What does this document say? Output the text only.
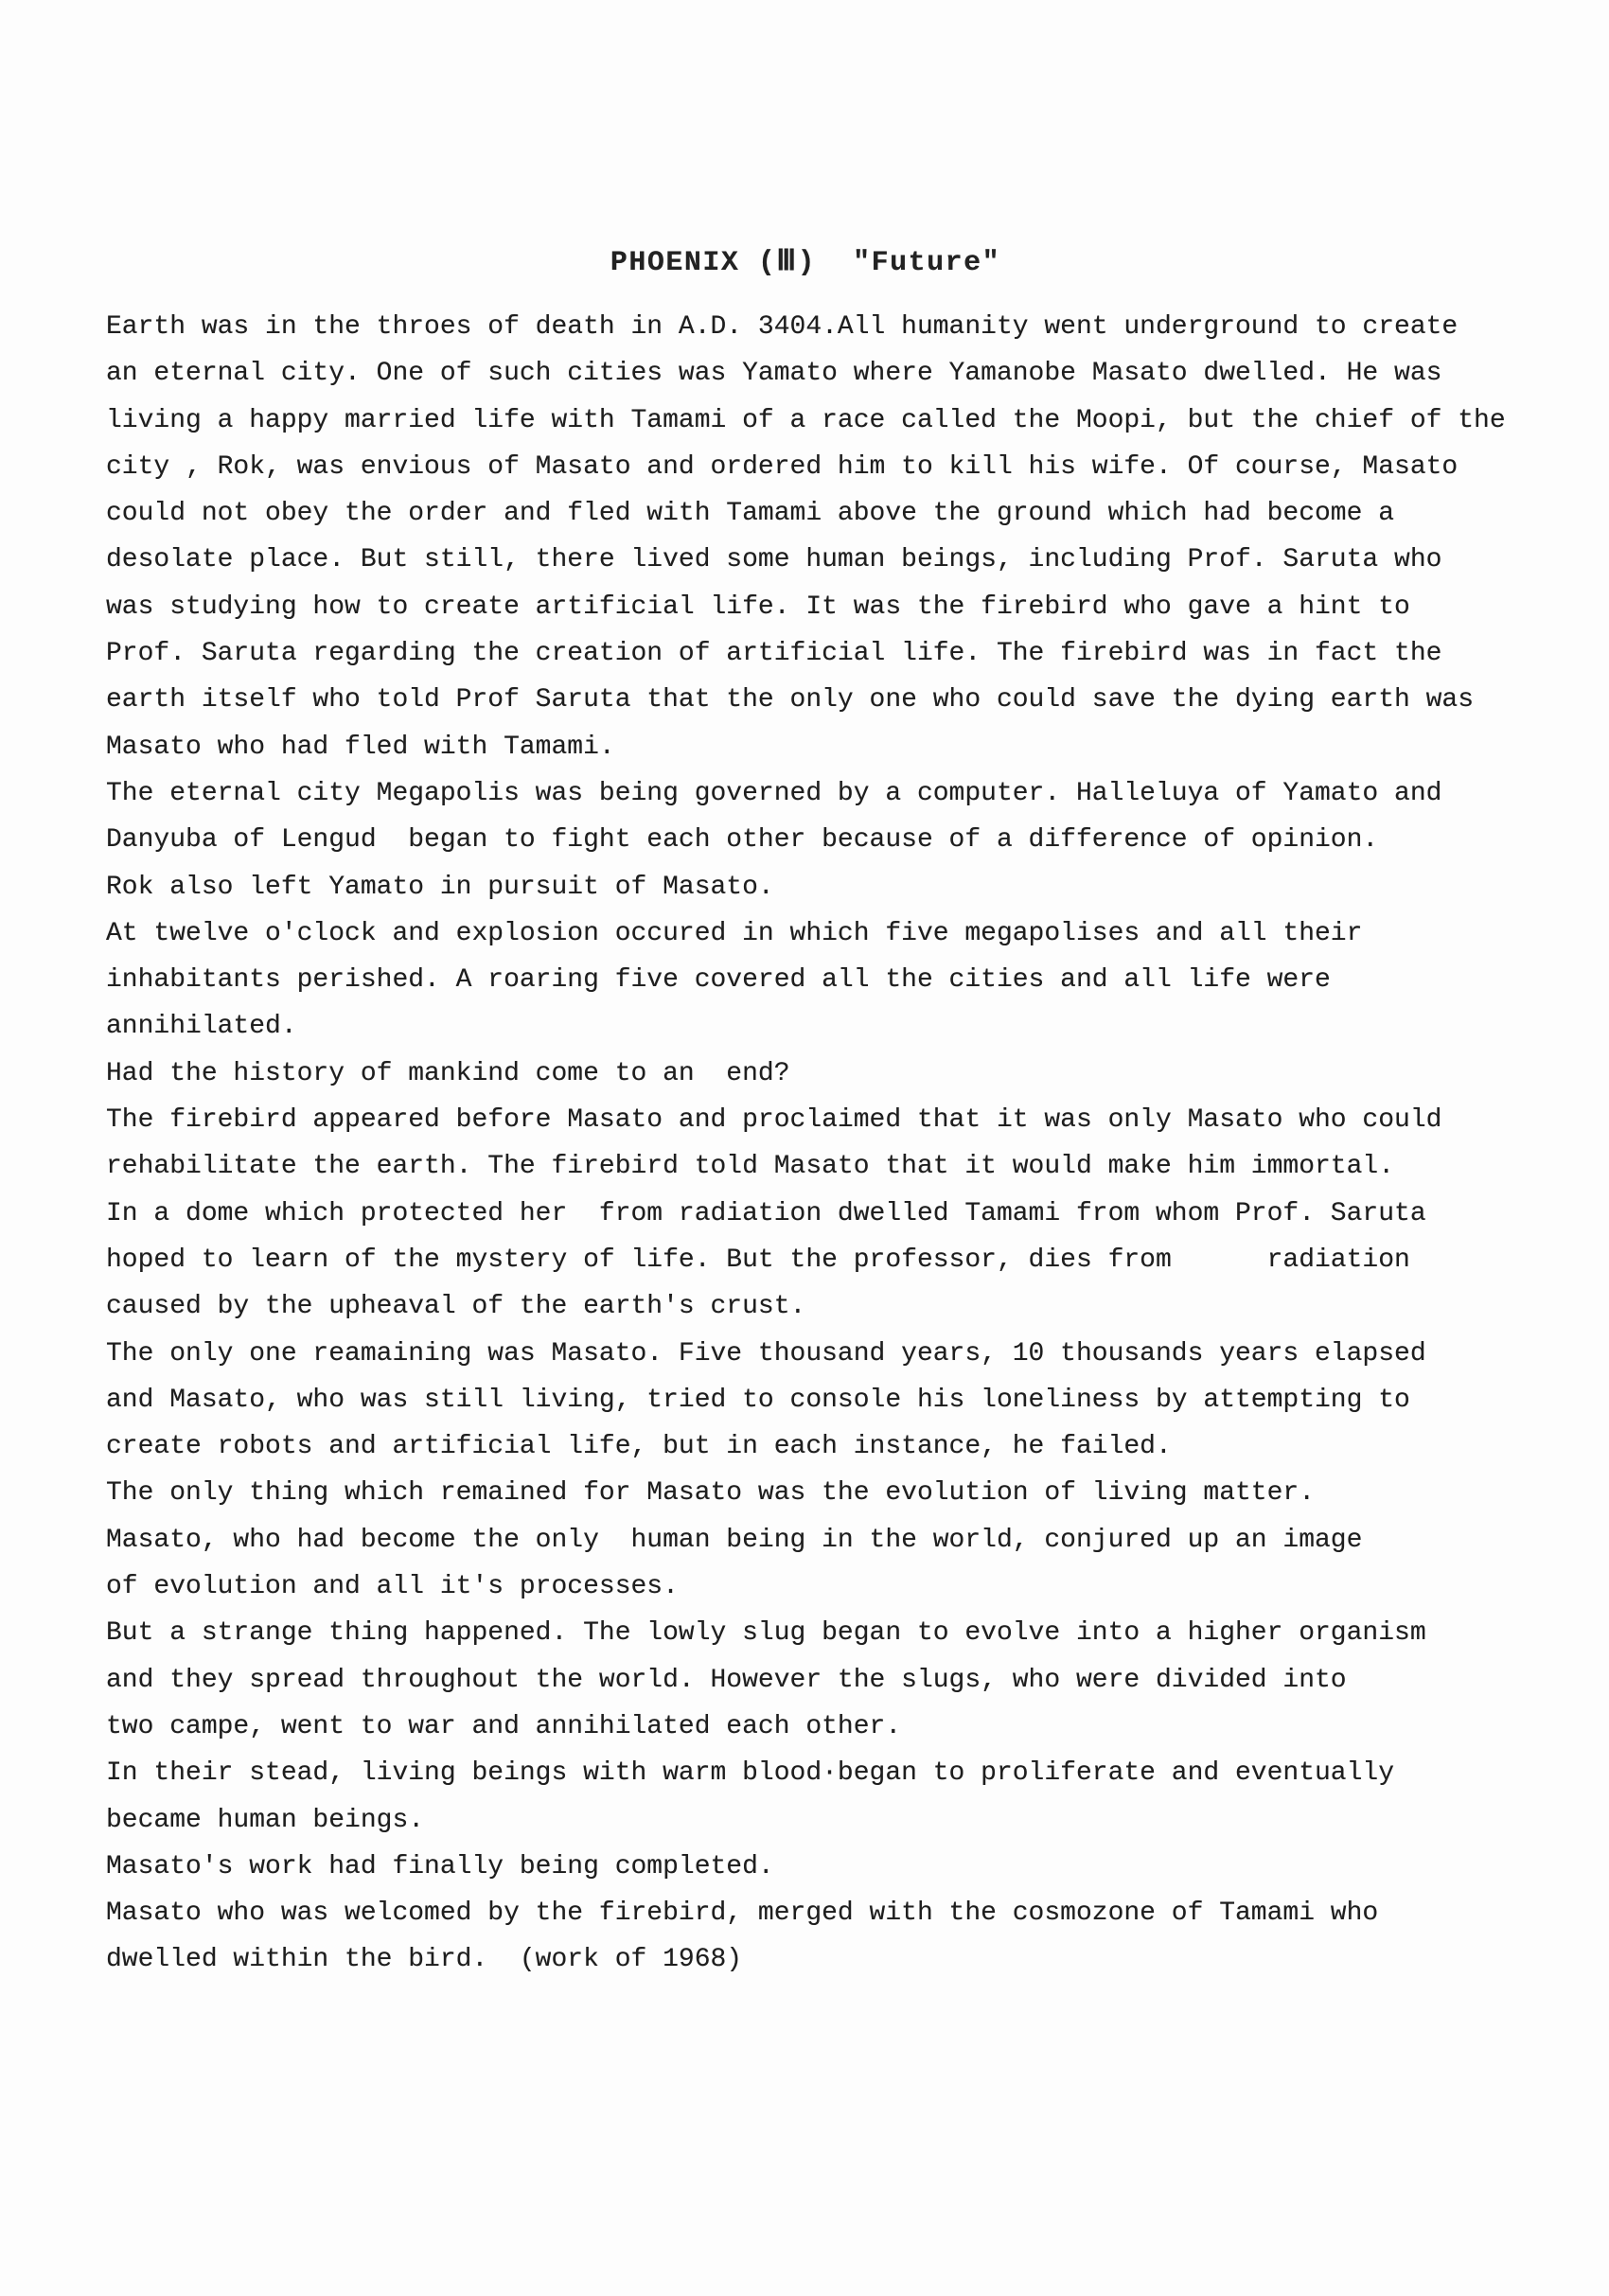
PHOENIX (Ⅲ)  "Future"
Earth was in the throes of death in A.D. 3404.All humanity went underground to create
an eternal city. One of such cities was Yamato where Yamanobe Masato dwelled. He was
living a happy married life with Tamami of a race called the Moopi, but the chief of the
city , Rok, was envious of Masato and ordered him to kill his wife. Of course, Masato
could not obey the order and fled with Tamami above the ground which had become a
desolate place. But still, there lived some human beings, including Prof. Saruta who
was studying how to create artificial life. It was the firebird who gave a hint to
Prof. Saruta regarding the creation of artificial life. The firebird was in fact the
earth itself who told Prof Saruta that the only one who could save the dying earth was
Masato who had fled with Tamami.
The eternal city Megapolis was being governed by a computer. Halleluya of Yamato and
Danyuba of Lengud  began to fight each other because of a difference of opinion.
Rok also left Yamato in pursuit of Masato.
At twelve o'clock and explosion occured in which five megapolises and all their
inhabitants perished. A roaring five covered all the cities and all life were
annihilated.
Had the history of mankind come to an  end?
The firebird appeared before Masato and proclaimed that it was only Masato who could
rehabilitate the earth. The firebird told Masato that it would make him immortal.
In a dome which protected her  from radiation dwelled Tamami from whom Prof. Saruta
hoped to learn of the mystery of life. But the professor, dies from      radiation
caused by the upheaval of the earth's crust.
The only one reamaining was Masato. Five thousand years, 10 thousands years elapsed
and Masato, who was still living, tried to console his loneliness by attempting to
create robots and artificial life, but in each instance, he failed.
The only thing which remained for Masato was the evolution of living matter.
Masato, who had become the only  human being in the world, conjured up an image
of evolution and all it's processes.
But a strange thing happened. The lowly slug began to evolve into a higher organism
and they spread throughout the world. However the slugs, who were divided into
two campe, went to war and annihilated each other.
In their stead, living beings with warm blood·began to proliferate and eventually
became human beings.
Masato's work had finally being completed.
Masato who was welcomed by the firebird, merged with the cosmozone of Tamami who
dwelled within the bird.  (work of 1968)
